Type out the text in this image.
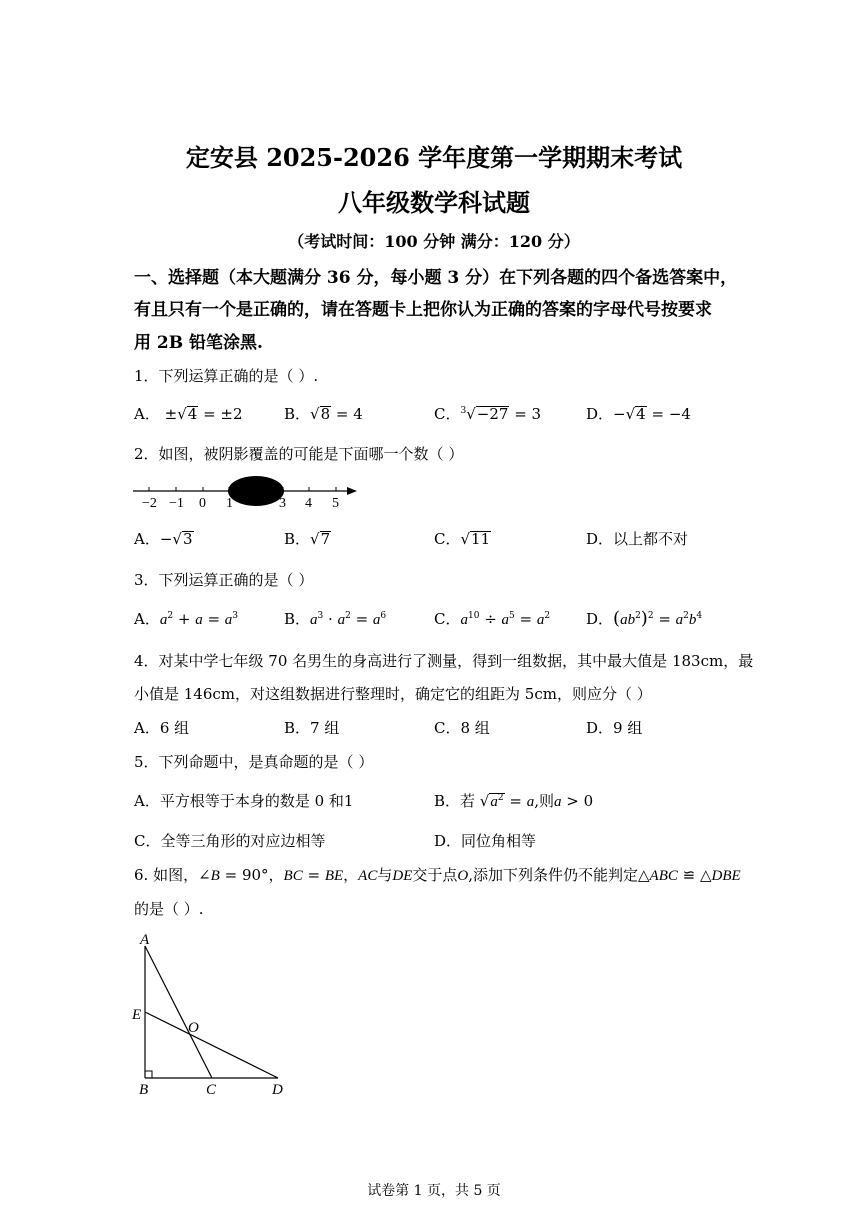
定安县 2025-2026 学年度第一学期期末考试
八年级数学科试题
（考试时间：100 分钟 满分：120 分）
一、选择题（本大题满分 36 分，每小题 3 分）在下列各题的四个备选答案中，
有且只有一个是正确的，请在答题卡上把你认为正确的答案的字母代号按要求
用 2B 铅笔涂黑.
1．下列运算正确的是（ ）.
A． ±√4 = ±2	B．√8 = 4	C．$^3$√−27 = 3	D．−√4 = −4
2．如图，被阴影覆盖的可能是下面哪一个数（ ）
−2 −1 0 1	3 4 5
A．−√3	B．√7	C．√11	D．以上都不对
3．下列运算正确的是（ ）
A．$a^2 + a = a^3$	B．$a^3 \cdot a^2 = a^6$	C．$a^{10} \div a^5 = a^2$ D．$(ab^2)^2 = a^2b^4$
4．对某中学七年级 70 名男生的身高进行了测量，得到一组数据，其中最大值是 183cm，最
小值是 146cm，对这组数据进行整理时，确定它的组距为 5cm，则应分（ ）
A．6 组	B．7 组	C．8 组	D．9 组
5．下列命题中，是真命题的是（ ）
A．平方根等于本身的数是 0 和1	B．若 $√a^2 = a$,则a > 0
C．全等三角形的对应边相等	D．同位角相等
6. 如图，∠B = 90°，BC = BE，AC与DE交于点O,添加下列条件仍不能判定△ABC ≌ △DBE
的是（ ）.
A
E
O
B	C	D
试卷第 1 页，共 5 页
